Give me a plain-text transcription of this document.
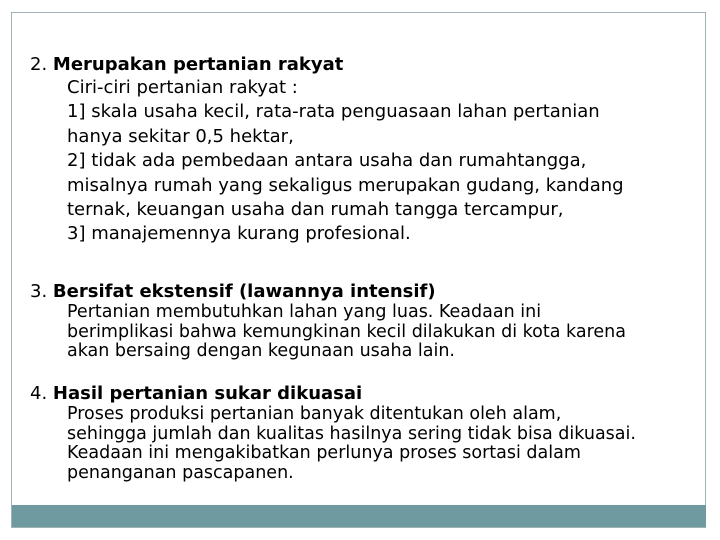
2. Merupakan pertanian rakyat
Ciri-ciri pertanian rakyat :
1] skala usaha kecil, rata-rata penguasaan lahan pertanian
hanya sekitar 0,5 hektar,
2] tidak ada pembedaan antara usaha dan rumahtangga,
misalnya rumah yang sekaligus merupakan gudang, kandang
ternak, keuangan usaha dan rumah tangga tercampur,
3] manajemennya kurang profesional.
3. Bersifat ekstensif (lawannya intensif)
Pertanian membutuhkan lahan yang luas. Keadaan ini
berimplikasi bahwa kemungkinan kecil dilakukan di kota karena
akan bersaing dengan kegunaan usaha lain.
4. Hasil pertanian sukar dikuasai
Proses produksi pertanian banyak ditentukan oleh alam,
sehingga jumlah dan kualitas hasilnya sering tidak bisa dikuasai.
Keadaan ini mengakibatkan perlunya proses sortasi dalam
penanganan pascapanen.
